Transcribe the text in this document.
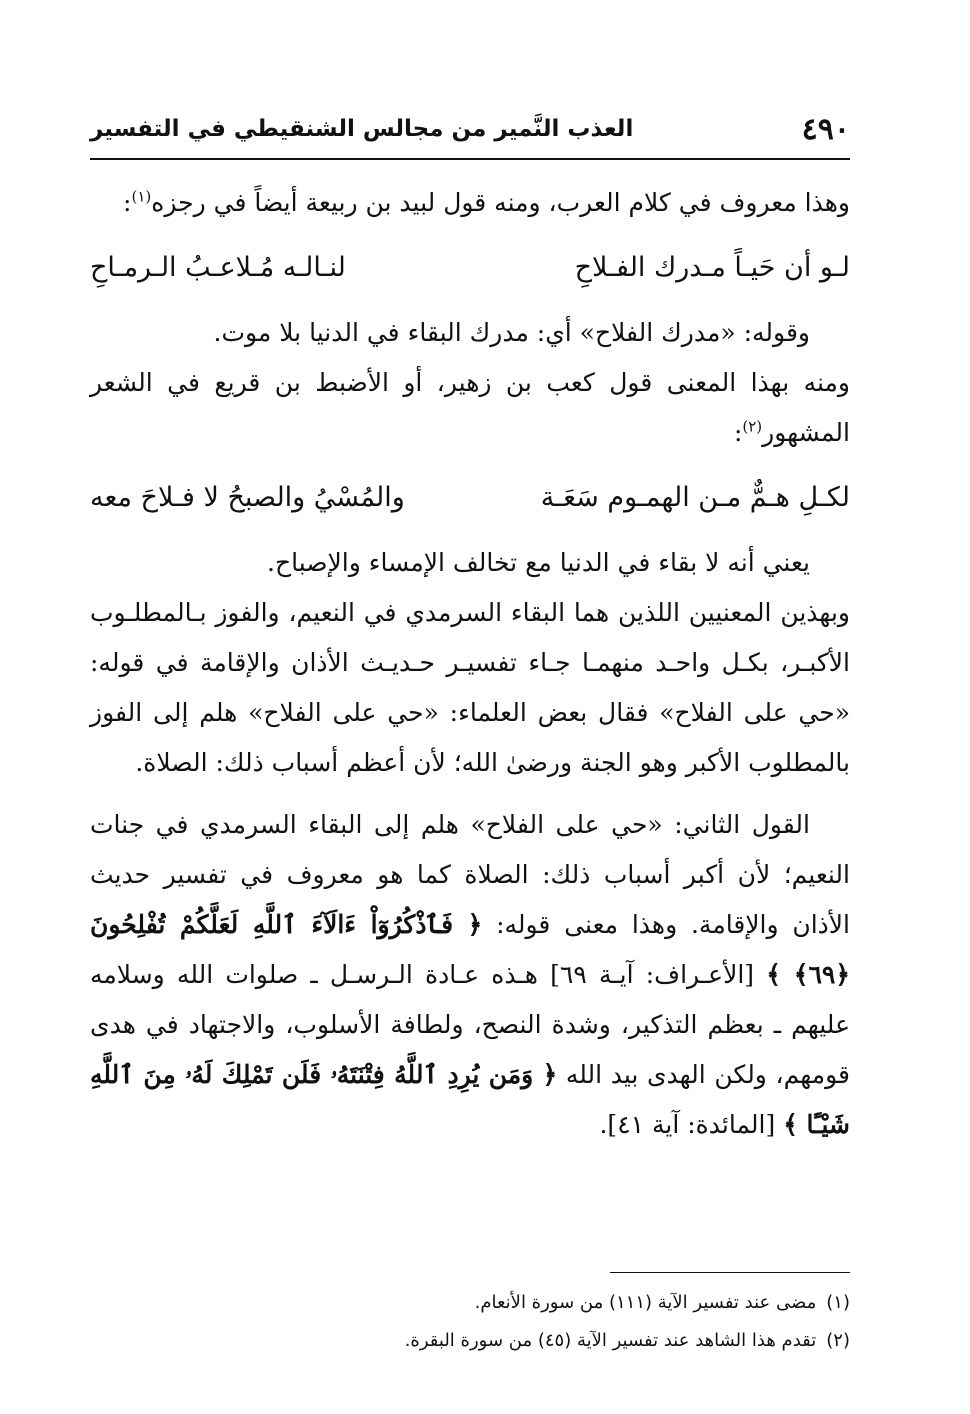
٤٩٠
العذب النَّمير من مجالس الشنقيطي في التفسير

وهذا معروف في كلام العرب، ومنه قول لبيد بن ربيعة أيضاً في رجزه$^{(١)}$:

لـو أن حَيـاً مـدرك الفـلاحِ
لنـالـه مُـلاعـبُ الـرمـاحِ

وقوله: «مدرك الفلاح» أي: مدرك البقاء في الدنيا بلا موت.

ومنه بهذا المعنى قول كعب بن زهير، أو الأضبط بن قريع في الشعر المشهور$^{(٢)}$:

لكـلِ هـمٌّ مـن الهمـوم سَعَـة
والمُسْيُ والصبحُ لا فـلاحَ معه

يعني أنه لا بقاء في الدنيا مع تخالف الإمساء والإصباح.

وبهذين المعنيين اللذين هما البقاء السرمدي في النعيم، والفوز بـالمطلـوب الأكبـر، بكـل واحـد منهمـا جـاء تفسيـر حـديـث الأذان والإقامة في قوله: «حي على الفلاح» فقال بعض العلماء: «حي على الفلاح» هلم إلى الفوز بالمطلوب الأكبر وهو الجنة ورضىٰ الله؛ لأن أعظم أسباب ذلك: الصلاة.

القول الثاني: «حي على الفلاح» هلم إلى البقاء السرمدي في جنات النعيم؛ لأن أكبر أسباب ذلك: الصلاة كما هو معروف في تفسير حديث الأذان والإقامة. وهذا معنى قوله: ﴿ فَٱذْكُرُوٓاْ ءَالَآءَ ٱللَّهِ لَعَلَّكُمْ تُفْلِحُونَ ﴿٦٩﴾ ﴾ [الأعـراف: آيـة ٦٩] هـذه عـادة الـرسـل ـ صلوات الله وسلامه عليهم ـ بعظم التذكير، وشدة النصح، ولطافة الأسلوب، والاجتهاد في هدى قومهم، ولكن الهدى بيد الله ﴿ وَمَن يُرِدِ ٱللَّهُ فِتْنَتَهُۥ فَلَن تَمْلِكَ لَهُۥ مِنَ ٱللَّهِ شَيْـًٔا ﴾ [المائدة: آية ٤١].

(١)مضى عند تفسير الآية (١١١) من سورة الأنعام.

(٢)تقدم هذا الشاهد عند تفسير الآية (٤٥) من سورة البقرة.
